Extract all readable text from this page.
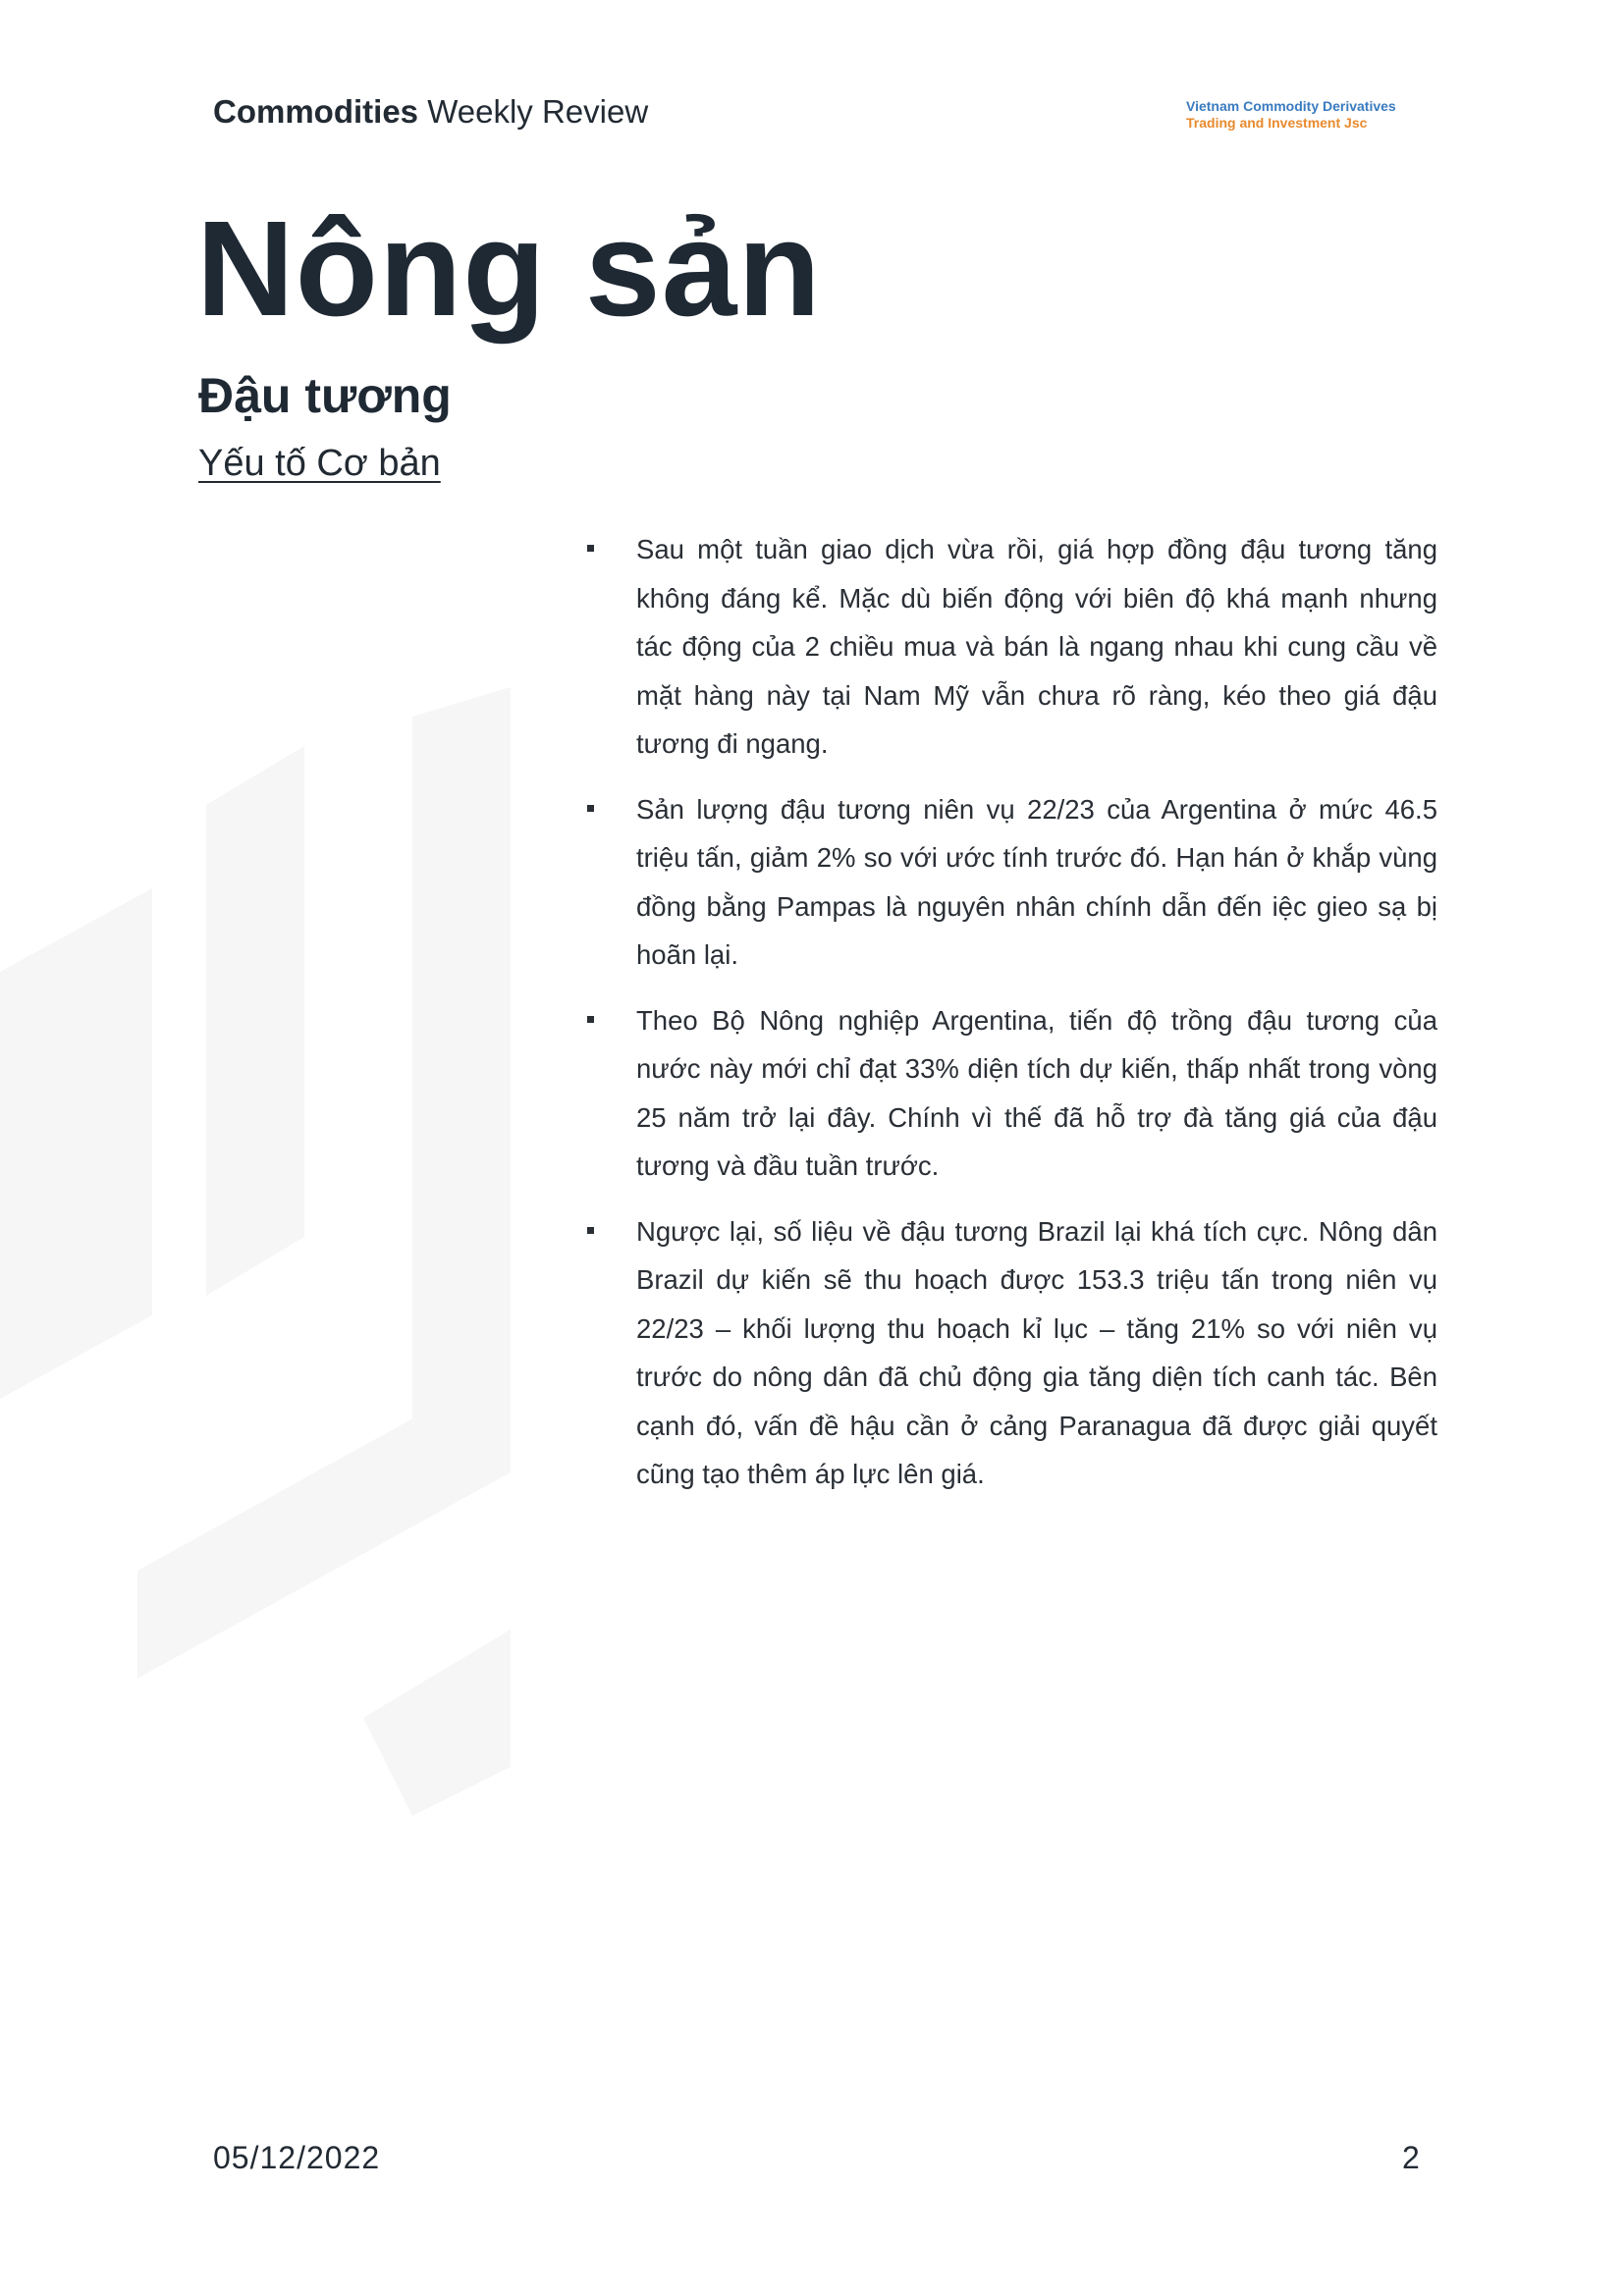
Commodities Weekly Review	Vietnam Commodity Derivatives
Trading and Investment Jsc
Nông sản
Đậu tương
Yếu tố Cơ bản
Sau một tuần giao dịch vừa rồi, giá hợp đồng đậu tương tăng không đáng kể. Mặc dù biến động với biên độ khá mạnh nhưng tác động của 2 chiều mua và bán là ngang nhau khi cung cầu về mặt hàng này tại Nam Mỹ vẫn chưa rõ ràng, kéo theo giá đậu tương đi ngang.
Sản lượng đậu tương niên vụ 22/23 của Argentina ở mức 46.5 triệu tấn, giảm 2% so với ước tính trước đó. Hạn hán ở khắp vùng đồng bằng Pampas là nguyên nhân chính dẫn đến iệc gieo sạ bị hoãn lại.
Theo Bộ Nông nghiệp Argentina, tiến độ trồng đậu tương của nước này mới chỉ đạt 33% diện tích dự kiến, thấp nhất trong vòng 25 năm trở lại đây. Chính vì thế đã hỗ trợ đà tăng giá của đậu tương và đầu tuần trước.
Ngược lại, số liệu về đậu tương Brazil lại khá tích cực. Nông dân Brazil dự kiến sẽ thu hoạch được 153.3 triệu tấn trong niên vụ 22/23 – khối lượng thu hoạch kỉ lục – tăng 21% so với niên vụ trước do nông dân đã chủ động gia tăng diện tích canh tác. Bên cạnh đó, vấn đề hậu cần ở cảng Paranagua đã được giải quyết cũng tạo thêm áp lực lên giá.
05/12/2022	2
